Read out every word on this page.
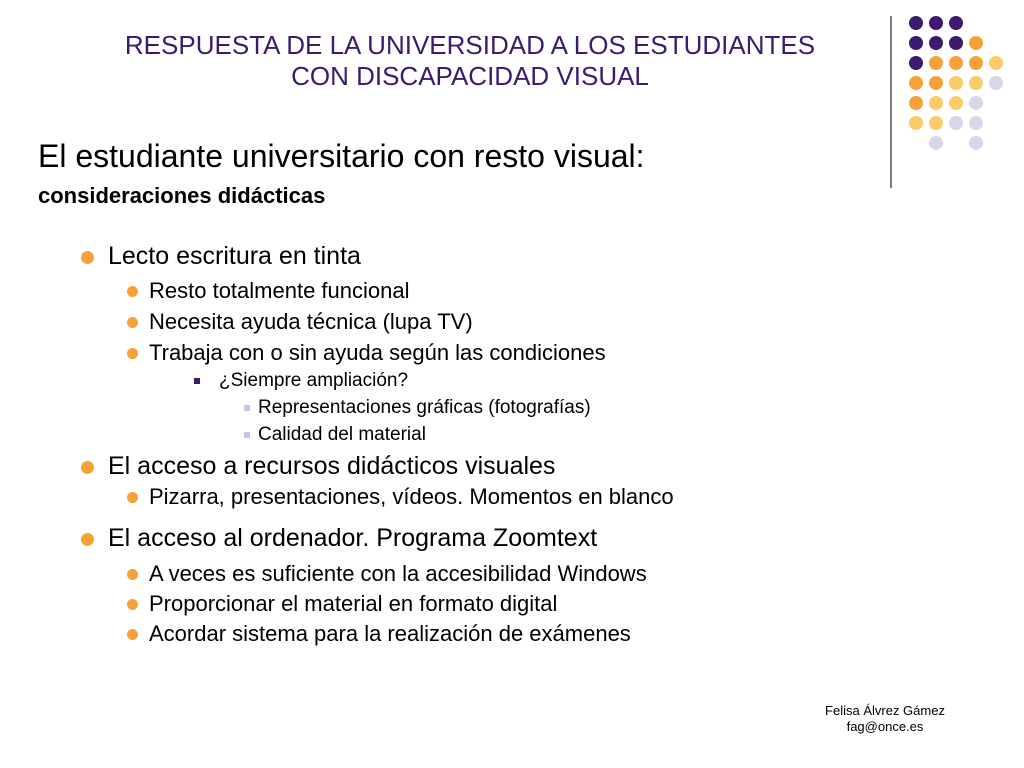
RESPUESTA DE LA UNIVERSIDAD A LOS ESTUDIANTES
CON DISCAPACIDAD VISUAL
El estudiante universitario con resto visual:
consideraciones didácticas
Lecto escritura en tinta
Resto totalmente funcional
Necesita ayuda técnica (lupa TV)
Trabaja con o sin ayuda según las condiciones
¿Siempre ampliación?
Representaciones gráficas (fotografías)
Calidad del material
El acceso a recursos didácticos visuales
Pizarra, presentaciones, vídeos. Momentos en blanco
El acceso al ordenador. Programa Zoomtext
A veces es suficiente con la accesibilidad Windows
Proporcionar el material en formato digital
Acordar sistema para la realización de exámenes
Felisa Álvrez Gámez
fag@once.es
